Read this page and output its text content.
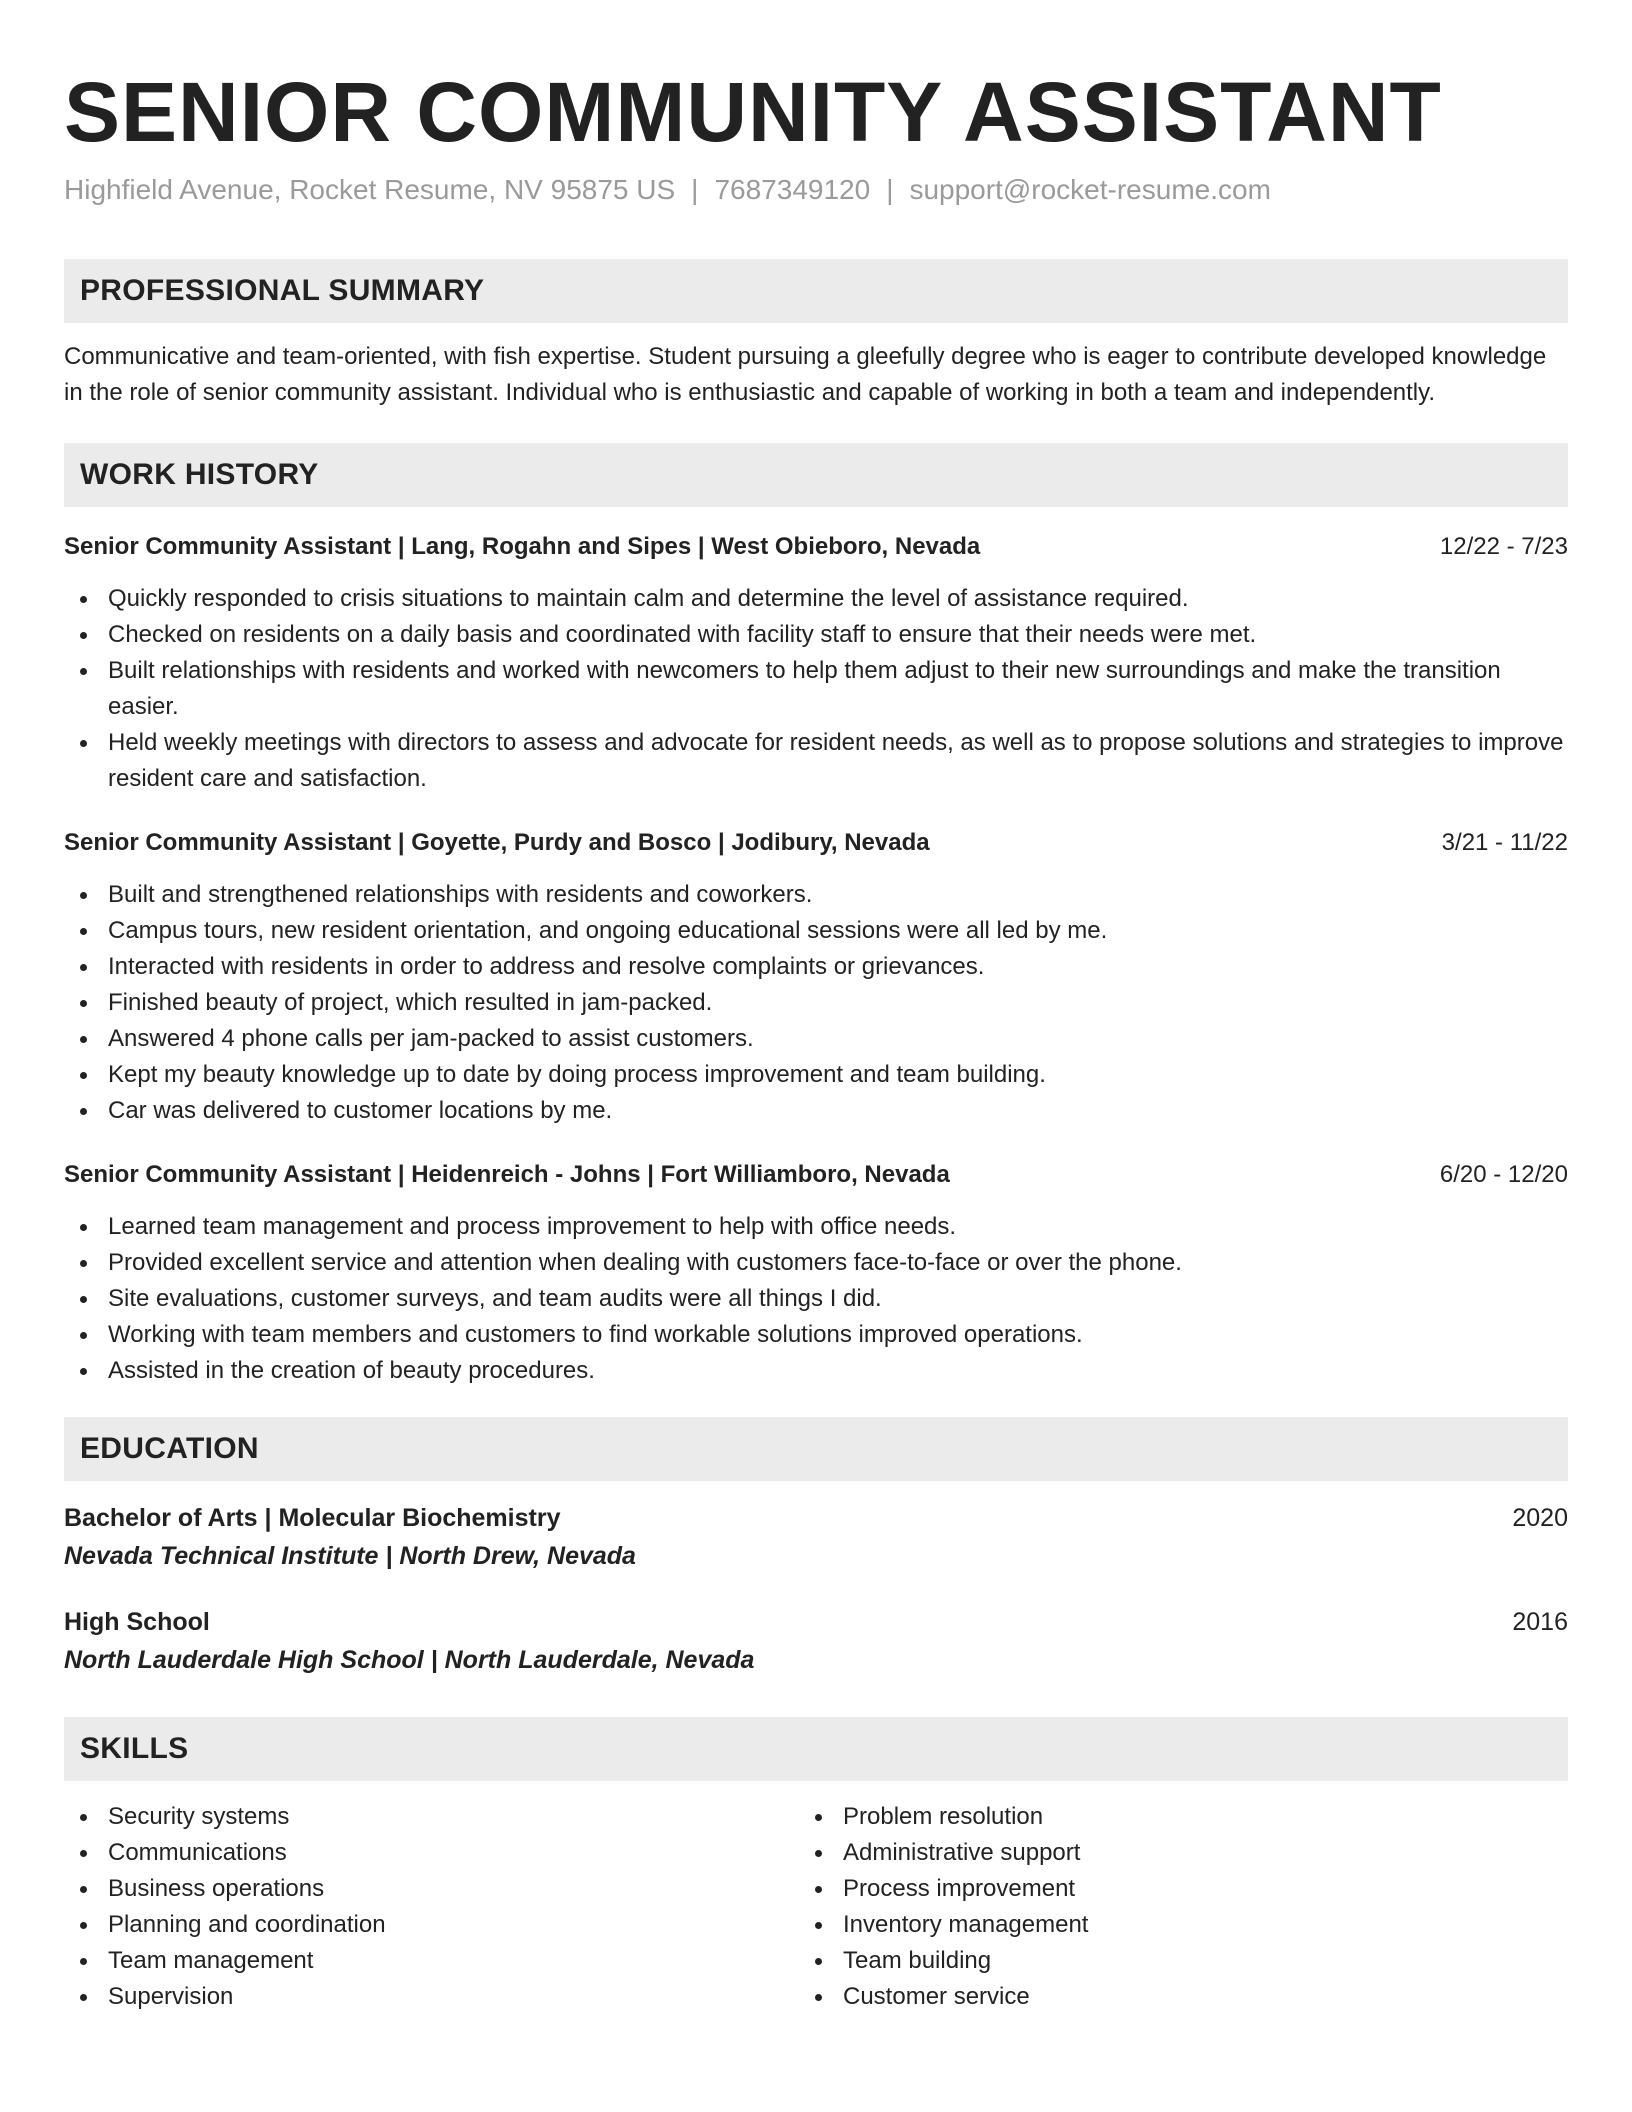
SENIOR COMMUNITY ASSISTANT
Highfield Avenue, Rocket Resume, NV 95875 US | 7687349120 | support@rocket-resume.com
PROFESSIONAL SUMMARY

Communicative and team-oriented, with fish expertise. Student pursuing a gleefully degree who is eager to contribute developed knowledge in the role of senior community assistant. Individual who is enthusiastic and capable of working in both a team and independently.

WORK HISTORY
Senior Community Assistant | Lang, Rogahn and Sipes | West Obieboro, Nevada	12/22 - 7/23
Quickly responded to crisis situations to maintain calm and determine the level of assistance required.
Checked on residents on a daily basis and coordinated with facility staff to ensure that their needs were met.
Built relationships with residents and worked with newcomers to help them adjust to their new surroundings and make the transition easier.
Held weekly meetings with directors to assess and advocate for resident needs, as well as to propose solutions and strategies to improve resident care and satisfaction.
Senior Community Assistant | Goyette, Purdy and Bosco | Jodibury, Nevada	3/21 - 11/22
Built and strengthened relationships with residents and coworkers.
Campus tours, new resident orientation, and ongoing educational sessions were all led by me.
Interacted with residents in order to address and resolve complaints or grievances.
Finished beauty of project, which resulted in jam-packed.
Answered 4 phone calls per jam-packed to assist customers.
Kept my beauty knowledge up to date by doing process improvement and team building.
Car was delivered to customer locations by me.
Senior Community Assistant | Heidenreich - Johns | Fort Williamboro, Nevada	6/20 - 12/20
Learned team management and process improvement to help with office needs.
Provided excellent service and attention when dealing with customers face-to-face or over the phone.
Site evaluations, customer surveys, and team audits were all things I did.
Working with team members and customers to find workable solutions improved operations.
Assisted in the creation of beauty procedures.
EDUCATION
Bachelor of Arts | Molecular Biochemistry	2020
Nevada Technical Institute | North Drew, Nevada
High School	2016
North Lauderdale High School | North Lauderdale, Nevada
SKILLS
Security systems
Communications
Business operations
Planning and coordination
Team management
Supervision
Problem resolution
Administrative support
Process improvement
Inventory management
Team building
Customer service
